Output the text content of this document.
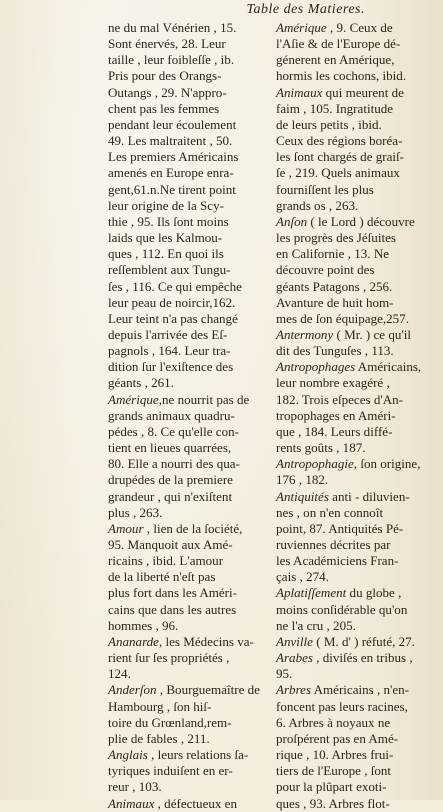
Table des Matieres.
ne du mal Vénérien , 15.
Sont énervés, 28. Leur
taille , leur foibleſſe , ib.
Pris pour des Orangs-
Outangs , 29. N'appro-
chent pas les femmes
pendant leur écoulement
49. Les maltraitent , 50.
Les premiers Américains
amenés en Europe enra-
gent,61.n.Ne tirent point
leur origine de la Scy-
thie , 95. Ils ſont moins
laids que les Kalmou-
ques , 112. En quoi ils
reſſemblent aux Tungu-
ſes , 116. Ce qui empêche
leur peau de noircir,162.
Leur teint n'a pas changé
depuis l'arrivée des Eſ-
pagnols , 164. Leur tra-
dition ſur l'exiſtence des
géants , 261.
Amérique,ne nourrit pas de
grands animaux quadru-
pédes , 8. Ce qu'elle con-
tient en lieues quarrées,
80. Elle a nourri des qua-
drupédes de la premiere
grandeur , qui n'exiſtent
plus , 263.
Amour , lien de la ſociété,
95. Manquoit aux Amé-
ricains , ibid. L'amour
de la liberté n'eſt pas
plus fort dans les Améri-
cains que dans les autres
hommes , 96.
Ananarde, les Médecins va-
rient ſur ſes propriétés ,
124.
Anderſon , Bourguemaître de
Hambourg , ſon hiſ-
toire du Grœnland,rem-
plie de fables , 211.
Anglais , leurs relations ſa-
tyriques induiſent en er-
reur , 103.
Animaux , défectueux en
Amérique , 9. Ceux de
l'Aſie & de l'Europe dé-
génerent en Amérique,
hormis les cochons, ibid.
Animaux qui meurent de
faim , 105. Ingratitude
de leurs petits , ibid.
Ceux des régions boréa-
les ſont chargés de graiſ-
ſe , 219. Quels animaux
fourniſſent les plus
grands os , 263.
Anſon ( le Lord ) découvre
les progrès des Jéſuites
en Californie , 13. Ne
découvre point des
géants Patagons , 256.
Avanture de huit hom-
mes de ſon équipage,257.
Antermony ( Mr. ) ce qu'il
dit des Tunguſes , 113.
Antropophages Américains,
leur nombre exagéré ,
182. Trois eſpeces d'An-
tropophages en Améri-
que , 184. Leurs diffé-
rents goûts , 187.
Antropophagie, ſon origine,
176 , 182.
Antiquités anti - diluvien-
nes , on n'en connoît
point, 87. Antiquités Pé-
ruviennes décrites par
les Académiciens Fran-
çais , 274.
Aplatiſſement du globe ,
moins conſidérable qu'on
ne l'a cru , 205.
Anville ( M. d' ) réfuté, 27.
Arabes , diviſés en tribus ,
95.
Arbres Américains , n'en-
foncent pas leurs racines,
6. Arbres à noyaux ne
proſpérent pas en Amé-
rique , 10. Arbres frui-
tiers de l'Europe , ſont
pour la plûpart exoti-
ques , 93. Arbres flot-
